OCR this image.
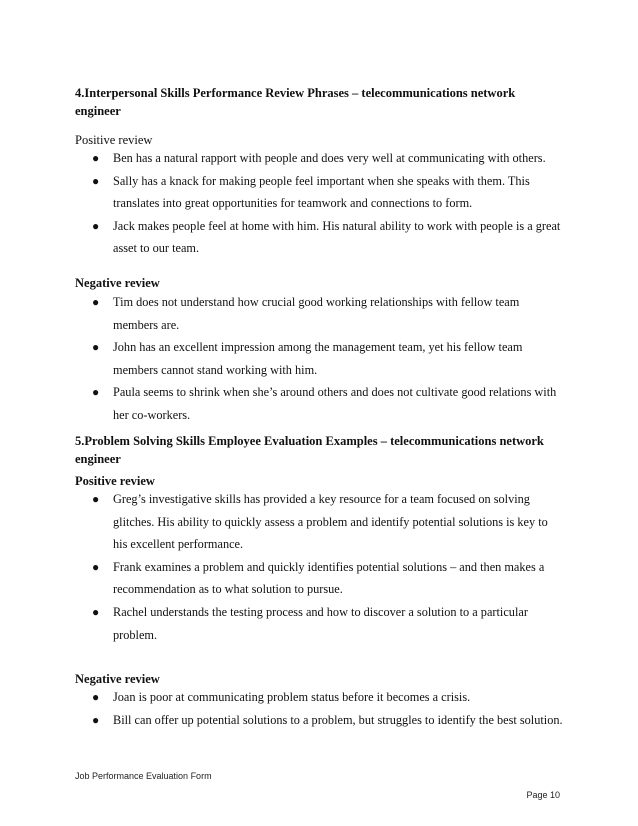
4.Interpersonal Skills Performance Review Phrases – telecommunications network engineer

Positive review

● Ben has a natural rapport with people and does very well at communicating with others.
● Sally has a knack for making people feel important when she speaks with them. This translates into great opportunities for teamwork and connections to form.
● Jack makes people feel at home with him. His natural ability to work with people is a great asset to our team.

Negative review

● Tim does not understand how crucial good working relationships with fellow team members are.
● John has an excellent impression among the management team, yet his fellow team members cannot stand working with him.
● Paula seems to shrink when she’s around others and does not cultivate good relations with her co-workers.
5.Problem Solving Skills Employee Evaluation Examples – telecommunications network engineer

Positive review

● Greg’s investigative skills has provided a key resource for a team focused on solving glitches. His ability to quickly assess a problem and identify potential solutions is key to his excellent performance.
● Frank examines a problem and quickly identifies potential solutions – and then makes a recommendation as to what solution to pursue.
● Rachel understands the testing process and how to discover a solution to a particular problem.

Negative review

● Joan is poor at communicating problem status before it becomes a crisis.
● Bill can offer up potential solutions to a problem, but struggles to identify the best solution.
Job Performance Evaluation Form
Page 10
